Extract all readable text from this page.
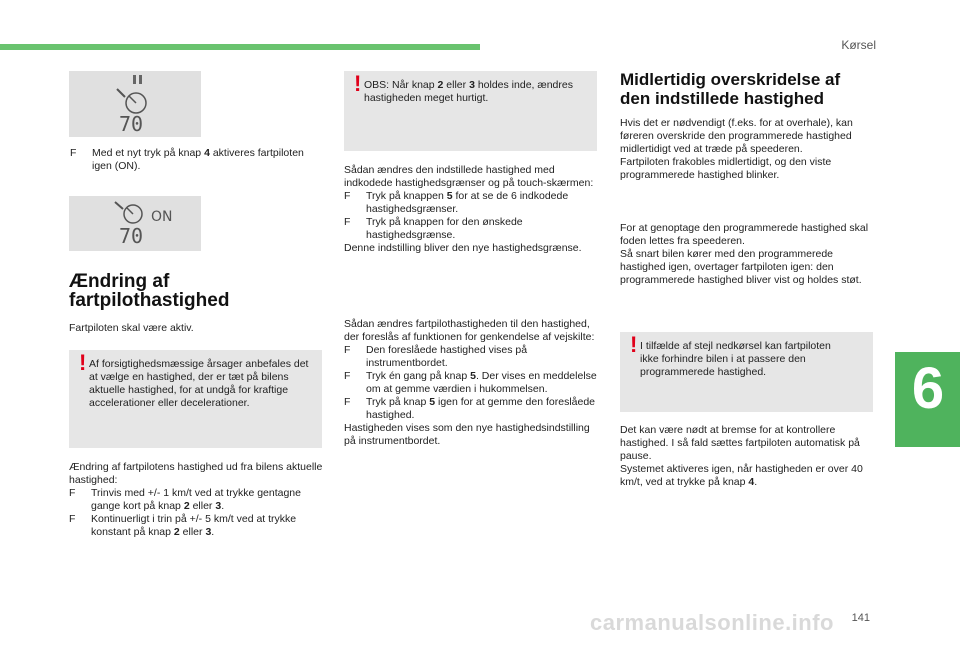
Kørsel
6
141
70
F	Med et nyt tryk på knap 4 aktiveres fartpiloten igen (ON).
ON
70
Ændring af
fartpilothastighed
Fartpiloten skal være aktiv.
! Af forsigtighedsmæssige årsager anbefales det at vælge en hastighed, der er tæt på bilens aktuelle hastighed, for at undgå for kraftige accelerationer eller decelerationer.

Ændring af fartpilotens hastighed ud fra bilens aktuelle hastighed:

F	Trinvis med +/- 1 km/t ved at trykke gentagne gange kort på knap 2 eller 3.
F	Kontinuerligt i trin på +/- 5 km/t ved at trykke konstant på knap 2 eller 3.
! OBS: Når knap 2 eller 3 holdes inde, ændres hastigheden meget hurtigt.

Sådan ændres den indstillede hastighed med indkodede hastighedsgrænser og på touch-skærmen:

F	Tryk på knappen 5 for at se de 6 indkodede hastighedsgrænser.
F	Tryk på knappen for den ønskede hastighedsgrænse.

Denne indstilling bliver den nye hastighedsgrænse.

Sådan ændres fartpilothastigheden til den hastighed, der foreslås af funktionen for genkendelse af vejskilte:

F	Den foreslåede hastighed vises på instrumentbordet.
F	Tryk én gang på knap 5. Der vises en meddelelse om at gemme værdien i hukommelsen.
F	Tryk på knap 5 igen for at gemme den foreslåede hastighed.

Hastigheden vises som den nye hastighedsindstilling på instrumentbordet.

Midlertidig overskridelse af
den indstillede hastighed

Hvis det er nødvendigt (f.eks. for at overhale), kan føreren overskride den programmerede hastighed midlertidigt ved at træde på speederen.

Fartpiloten frakobles midlertidigt, og den viste programmerede hastighed blinker.

For at genoptage den programmerede hastighed skal foden lettes fra speederen.

Så snart bilen kører med den programmerede hastighed igen, overtager fartpiloten igen: den programmerede hastighed bliver vist og holdes støt.

! I tilfælde af stejl nedkørsel kan fartpiloten ikke forhindre bilen i at passere den programmerede hastighed.

Det kan være nødt at bremse for at kontrollere hastighed. I så fald sættes fartpiloten automatisk på pause.

Systemet aktiveres igen, når hastigheden er over 40 km/t, ved at trykke på knap 4.

carmanualsonline.info
